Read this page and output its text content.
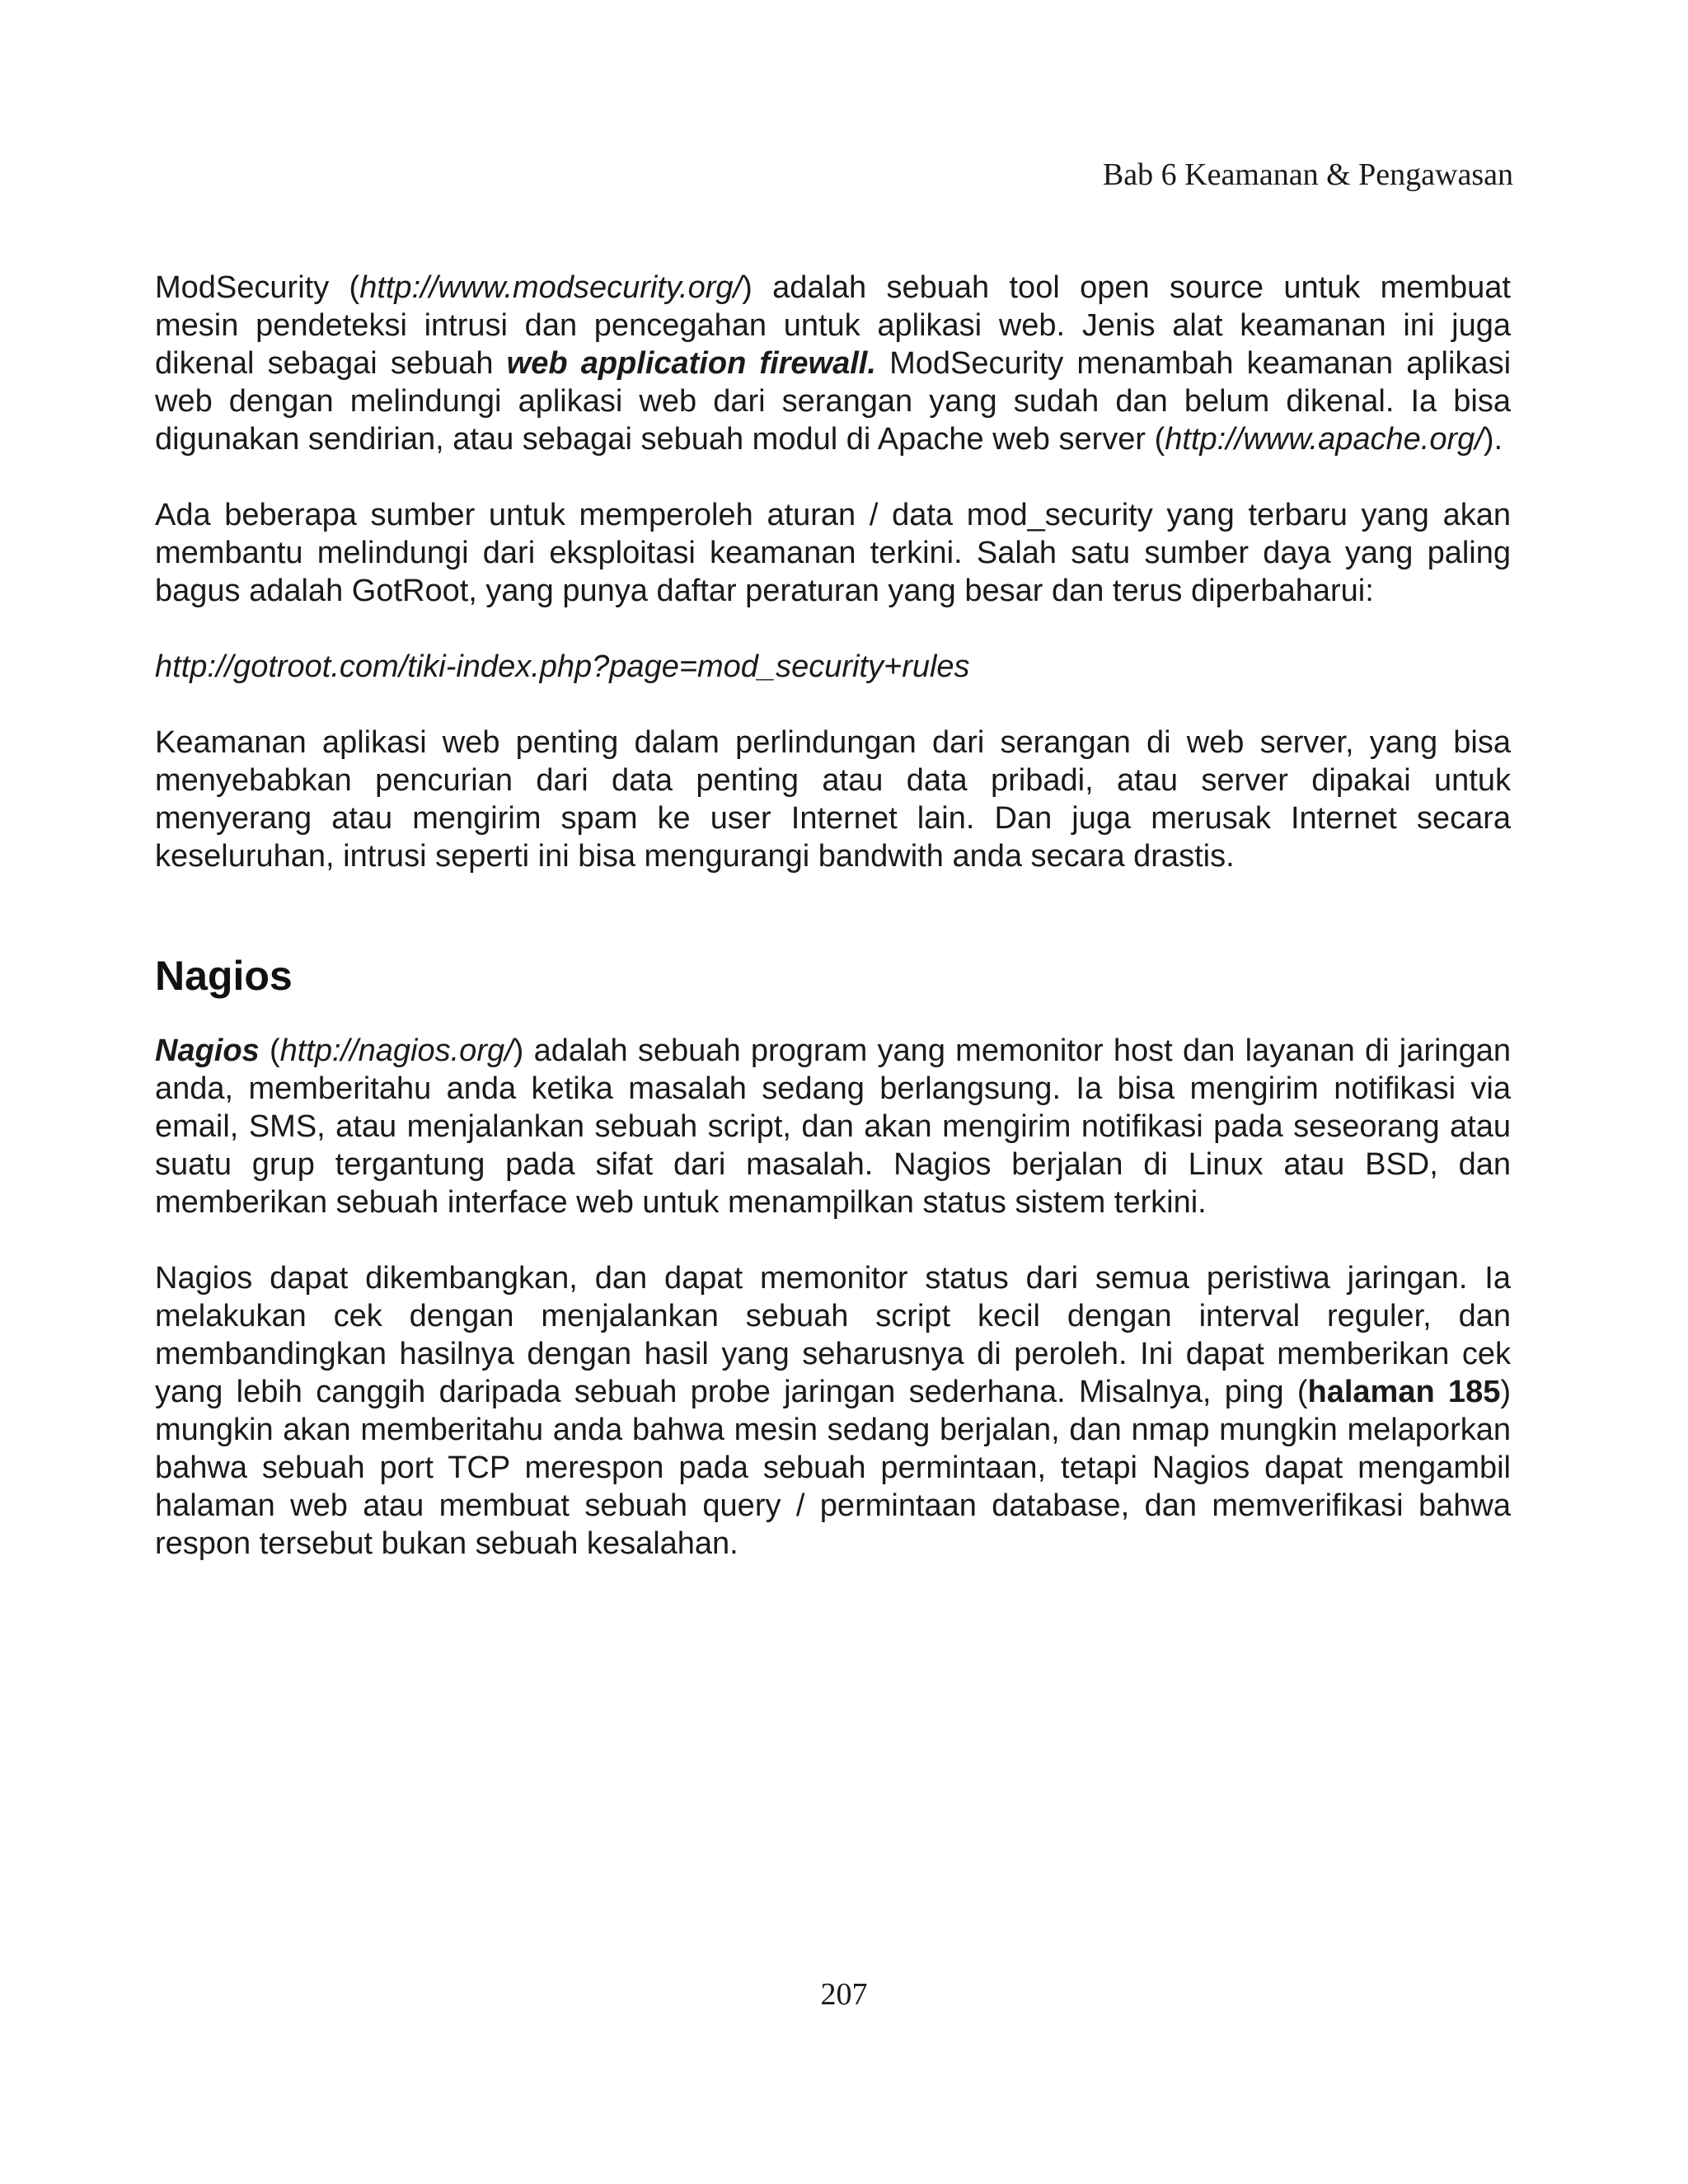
Bab 6 Keamanan & Pengawasan

ModSecurity (http://www.modsecurity.org/) adalah sebuah tool open source untuk membuat mesin pendeteksi intrusi dan pencegahan untuk aplikasi web. Jenis alat keamanan ini juga dikenal sebagai sebuah web application firewall. ModSecurity menambah keamanan aplikasi web dengan melindungi aplikasi web dari serangan yang sudah dan belum dikenal. Ia bisa digunakan sendirian, atau sebagai sebuah modul di Apache web server (http://www.apache.org/).

Ada beberapa sumber untuk memperoleh aturan / data mod_security yang terbaru yang akan membantu melindungi dari eksploitasi keamanan terkini. Salah satu sumber daya yang paling bagus adalah GotRoot, yang punya daftar peraturan yang besar dan terus diperbaharui:

http://gotroot.com/tiki-index.php?page=mod_security+rules

Keamanan aplikasi web penting dalam perlindungan dari serangan di web server, yang bisa menyebabkan pencurian dari data penting atau data pribadi, atau server dipakai untuk menyerang atau mengirim spam ke user Internet lain. Dan juga merusak Internet secara keseluruhan, intrusi seperti ini bisa mengurangi bandwith anda secara drastis.

Nagios

Nagios (http://nagios.org/) adalah sebuah program yang memonitor host dan layanan di jaringan anda, memberitahu anda ketika masalah sedang berlangsung. Ia bisa mengirim notifikasi via email, SMS, atau menjalankan sebuah script, dan akan mengirim notifikasi pada seseorang atau suatu grup tergantung pada sifat dari masalah. Nagios berjalan di Linux atau BSD, dan memberikan sebuah interface web untuk menampilkan status sistem terkini.

Nagios dapat dikembangkan, dan dapat memonitor status dari semua peristiwa jaringan. Ia melakukan cek dengan menjalankan sebuah script kecil dengan interval reguler, dan membandingkan hasilnya dengan hasil yang seharusnya di peroleh. Ini dapat memberikan cek yang lebih canggih daripada sebuah probe jaringan sederhana. Misalnya, ping (halaman 185) mungkin akan memberitahu anda bahwa mesin sedang berjalan, dan nmap mungkin melaporkan bahwa sebuah port TCP merespon pada sebuah permintaan, tetapi Nagios dapat mengambil halaman web atau membuat sebuah query / permintaan database, dan memverifikasi bahwa respon tersebut bukan sebuah kesalahan.

207
